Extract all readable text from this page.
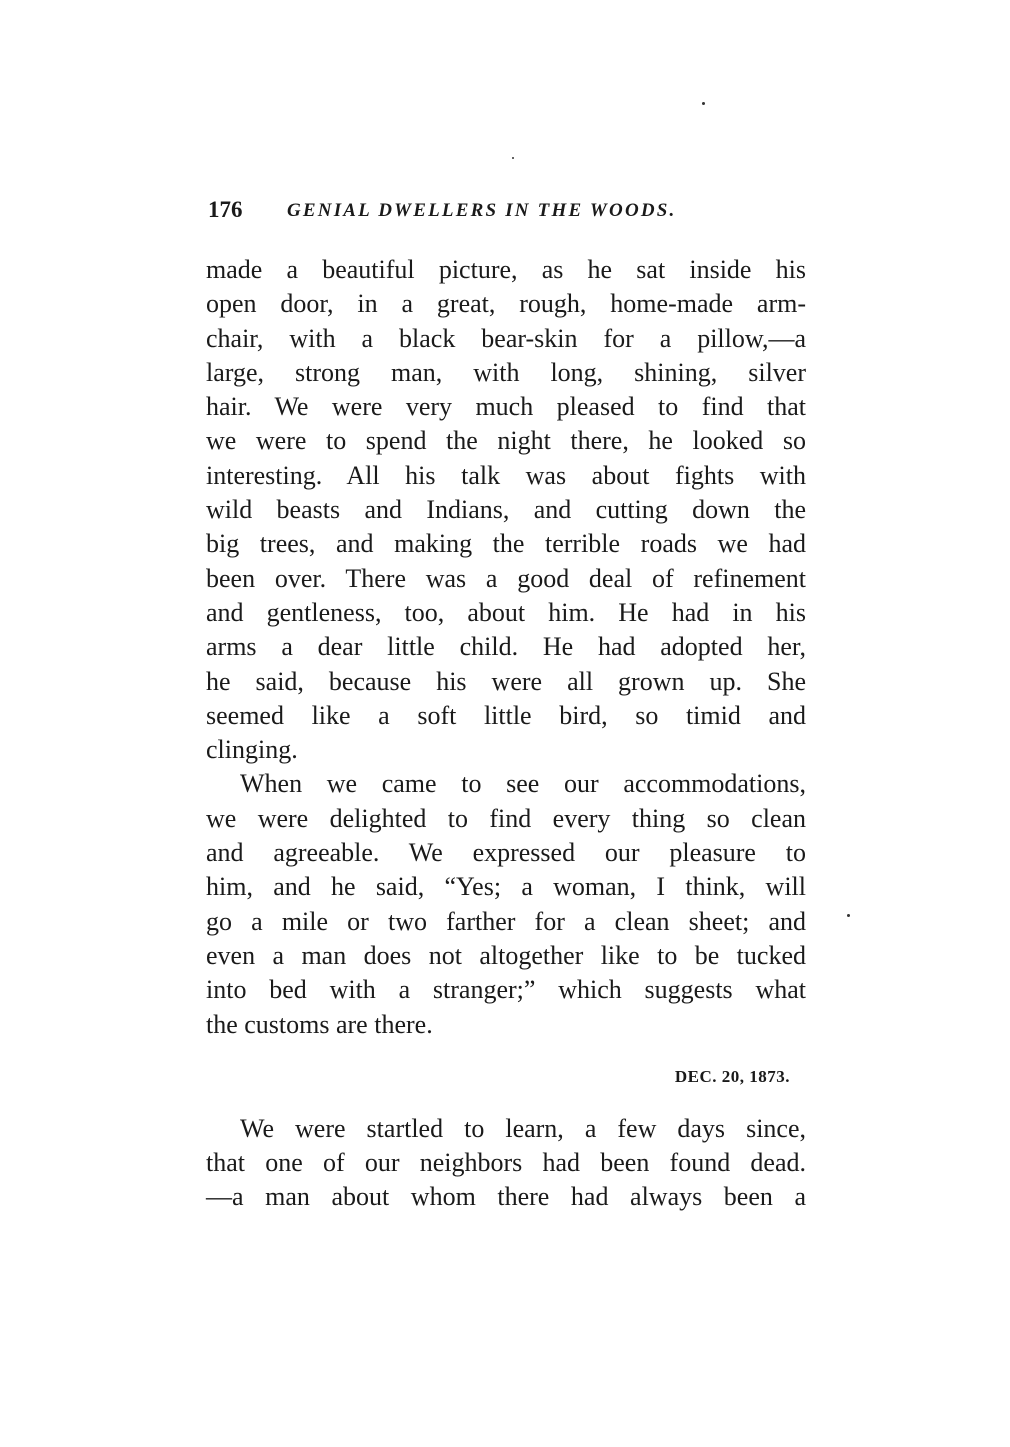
176 GENIAL DWELLERS IN THE WOODS.
made a beautiful picture, as he sat inside his
open door, in a great, rough, home-made arm-
chair, with a black bear-skin for a pillow,—a
large, strong man, with long, shining, silver
hair. We were very much pleased to find that
we were to spend the night there, he looked so
interesting. All his talk was about fights with
wild beasts and Indians, and cutting down the
big trees, and making the terrible roads we had
been over. There was a good deal of refinement
and gentleness, too, about him. He had in his
arms a dear little child. He had adopted her,
he said, because his were all grown up. She
seemed like a soft little bird, so timid and
clinging.
When we came to see our accommodations,
we were delighted to find every thing so clean
and agreeable. We expressed our pleasure to
him, and he said, “Yes; a woman, I think, will
go a mile or two farther for a clean sheet; and
even a man does not altogether like to be tucked
into bed with a stranger;” which suggests what
the customs are there.
DEC. 20, 1873.
We were startled to learn, a few days since,
that one of our neighbors had been found dead.
—a man about whom there had always been a
